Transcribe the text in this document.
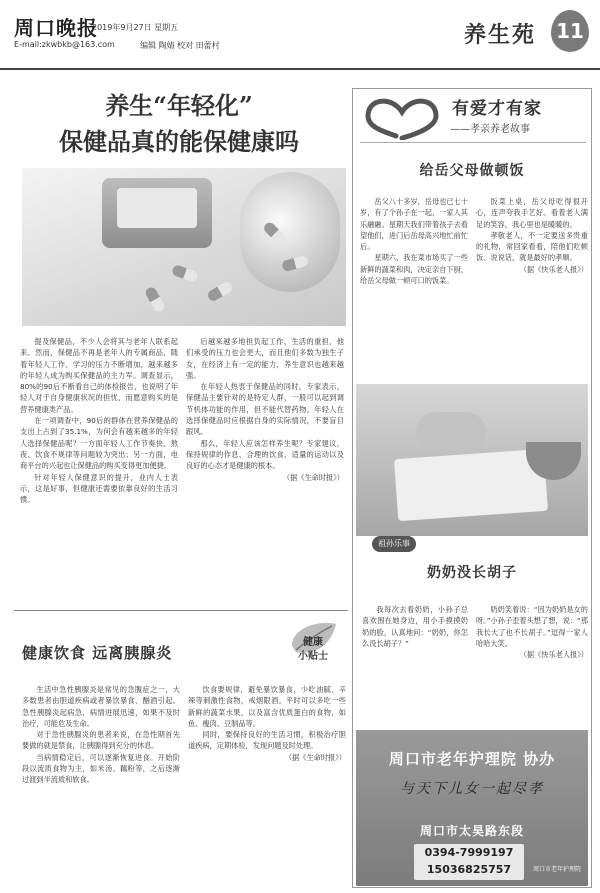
周口晚报
2019年9月27日 星期五
E-mail:zkwbkb@163.com	编辑 陶婧 校对 田蕾村	养生苑 11
养生“年轻化”
保健品真的能保健康吗

提及保健品，不少人会将其与老年人联系起来。然而，保健品不再是老年人的专属商品，随着年轻人工作、学习的压力不断增加，越来越多的年轻人成为购买保健品的主力军。调查显示，80%的90后不断看自己的体检报告，也说明了年轻人对于自身健康状况的担忧，而愿意购买的是营养健康类产品。

在一项调查中，90后的群体在营养保健品的支出上占到了35.1%，为何会有越来越多的年轻人选择保健品呢？一方面年轻人工作节奏快、熬夜、饮食不规律等问题较为突出；另一方面，电商平台的兴起也让保健品的购买变得更加便捷。

针对年轻人保健意识的提升，业内人士表示，这是好事，但健康还需要依靠良好的生活习惯。

后越来越多地担负起工作、生活的重担，他们承受的压力也会更大，而且他们多数为独生子女，在经济上有一定的能力，养生意识也越来越强。

在年轻人热衷于保健品的同时，专家表示，保健品主要针对的是特定人群，一般可以起到调节机体功能的作用，但不能代替药物。年轻人在选择保健品时应根据自身的实际情况，不要盲目跟风。

那么，年轻人应该怎样养生呢？专家建议，保持规律的作息、合理的饮食、适量的运动以及良好的心态才是健康的根本。

（据《生命时报》）
健康饮食 远离胰腺炎
健康
小贴士

生活中急性胰腺炎是常见的急腹症之一，大多数患者由胆道疾病或者暴饮暴食、酗酒引起。急性胰腺炎起病急，病情进展迅速，如果不及时治疗，可能危及生命。

对于急性胰腺炎的患者来说，在急性期首先要做的就是禁食，让胰腺得到充分的休息。

当病情稳定后，可以逐渐恢复进食。开始阶段以流质食物为主，如米汤、藕粉等，之后逐渐过渡到半流质和软食。

饮食要规律，避免暴饮暴食，少吃油腻、辛辣等刺激性食物，戒烟限酒。平时可以多吃一些新鲜的蔬菜水果，以及富含优质蛋白的食物，如鱼、瘦肉、豆制品等。

同时，要保持良好的生活习惯，积极治疗胆道疾病，定期体检，发现问题及时处理。

（据《生命时报》）
有爱才有家
——孝亲养老故事
给岳父母做顿饭

岳父八十多岁，岳母也已七十岁，有了个孙子在一起，一家人其乐融融。星期天我们带着孩子去看望他们，进门后岳母高兴地忙前忙后。

星期六，我在菜市场买了一些新鲜的蔬菜和肉，决定亲自下厨，给岳父母做一顿可口的饭菜。

饭菜上桌，岳父母吃得很开心，连声夸我手艺好。看着老人满足的笑容，我心里也是暖暖的。

孝敬老人，不一定要送多贵重的礼物，常回家看看，陪他们吃顿饭、说说话，就是最好的孝顺。

（据《快乐老人报》）
祖孙乐事
奶奶没长胡子

我每次去看奶奶，小孙子总喜欢围在她身边，用小手摸摸奶奶的脸，认真地问：“奶奶，你怎么没长胡子？”

奶奶笑着说：“因为奶奶是女的呀。”小孙子歪着头想了想，说：“那我长大了也不长胡子。”逗得一家人哈哈大笑。

（据《快乐老人报》）
周口市老年护理院 协办
与天下儿女一起尽孝
周口市太昊路东段
0394-7999197
15036825757	周口市老年护理院
